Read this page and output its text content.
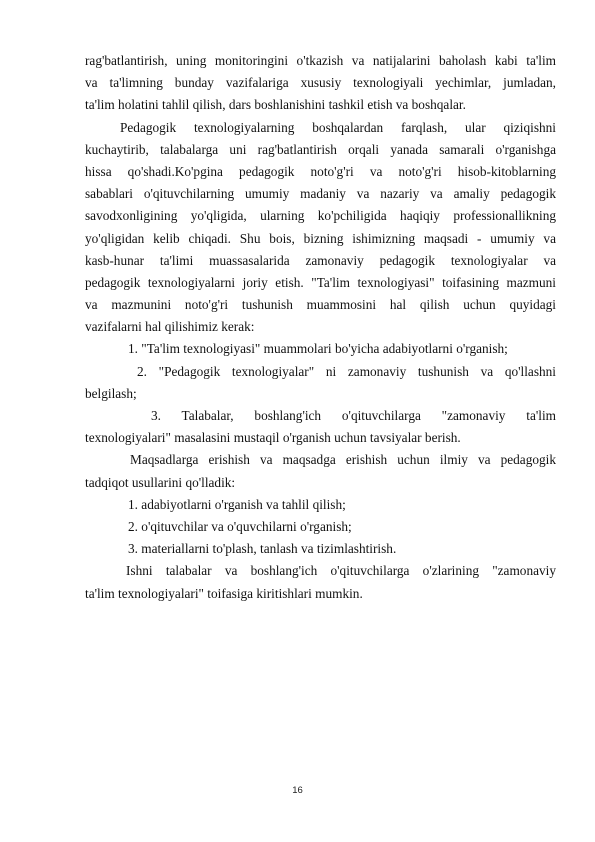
rag'batlantirish, uning monitoringini o'tkazish va natijalarini baholash kabi ta'lim
va ta'limning bunday vazifalariga xususiy texnologiyali yechimlar, jumladan,
ta'lim holatini tahlil qilish, dars boshlanishini tashkil etish va boshqalar.
Pedagogik texnologiyalarning boshqalardan farqlash, ular qiziqishni
kuchaytirib, talabalarga uni rag'batlantirish orqali yanada samarali o'rganishga
hissa qo'shadi.Ko'pgina pedagogik noto'g'ri va noto'g'ri hisob-kitoblarning
sabablari o'qituvchilarning umumiy madaniy va nazariy va amaliy pedagogik
savodxonligining yo'qligida, ularning ko'pchiligida haqiqiy professionallikning
yo'qligidan kelib chiqadi. Shu bois, bizning ishimizning maqsadi - umumiy va
kasb-hunar ta'limi muassasalarida zamonaviy pedagogik texnologiyalar va
pedagogik texnologiyalarni joriy etish. "Ta'lim texnologiyasi" toifasining mazmuni
va mazmunini noto'g'ri tushunish muammosini hal qilish uchun quyidagi
vazifalarni hal qilishimiz kerak:
1. "Ta'lim texnologiyasi" muammolari bo'yicha adabiyotlarni o'rganish;
2. "Pedagogik texnologiyalar" ni zamonaviy tushunish va qo'llashni
belgilash;
3. Talabalar, boshlang'ich o'qituvchilarga "zamonaviy ta'lim
texnologiyalari" masalasini mustaqil o'rganish uchun tavsiyalar berish.
Maqsadlarga erishish va maqsadga erishish uchun ilmiy va pedagogik
tadqiqot usullarini qo'lladik:
1. adabiyotlarni o'rganish va tahlil qilish;
2. o'qituvchilar va o'quvchilarni o'rganish;
3. materiallarni to'plash, tanlash va tizimlashtirish.
Ishni talabalar va boshlang'ich o'qituvchilarga o'zlarining "zamonaviy
ta'lim texnologiyalari" toifasiga kiritishlari mumkin.
16
